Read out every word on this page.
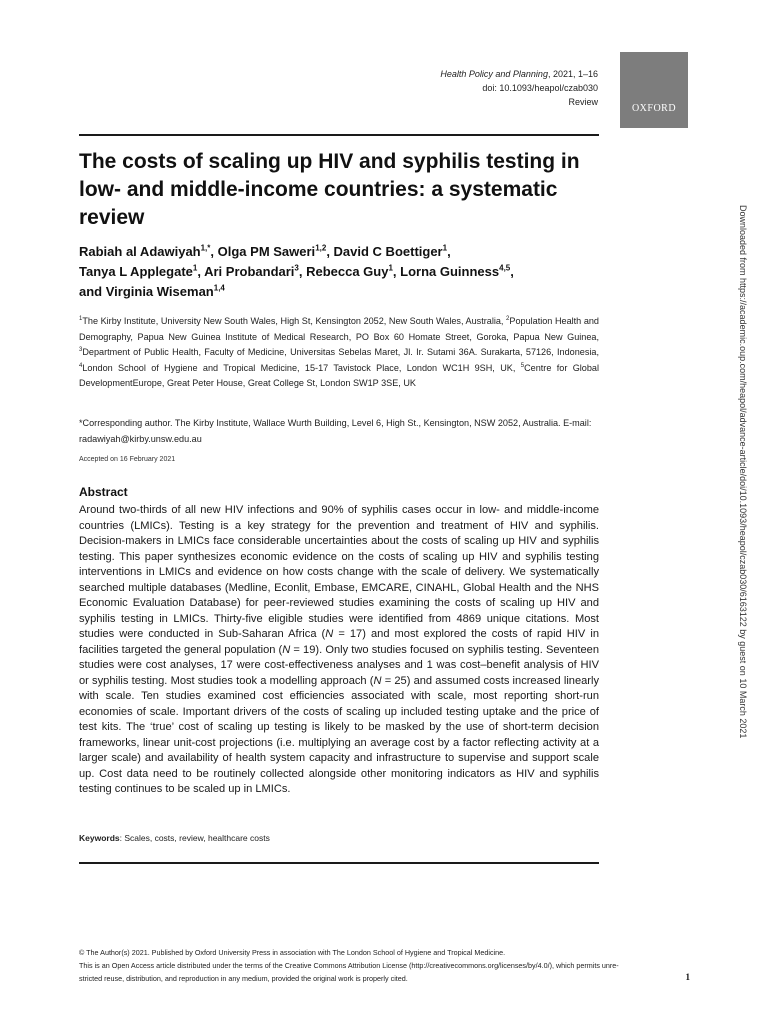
Health Policy and Planning, 2021, 1–16
doi: 10.1093/heapol/czab030
Review
OXFORD
The costs of scaling up HIV and syphilis testing in low- and middle-income countries: a systematic review
Rabiah al Adawiyah$^{1,*}$, Olga PM Saweri$^{1,2}$, David C Boettiger$^1$,
Tanya L Applegate$^1$, Ari Probandari$^3$, Rebecca Guy$^1$, Lorna Guinness$^{4,5}$,
and Virginia Wiseman$^{1,4}$
$^1$The Kirby Institute, University New South Wales, High St, Kensington 2052, New South Wales, Australia, $^2$Population Health and Demography, Papua New Guinea Institute of Medical Research, PO Box 60 Homate Street, Goroka, Papua New Guinea, $^3$Department of Public Health, Faculty of Medicine, Universitas Sebelas Maret, Jl. Ir. Sutami 36A. Surakarta, 57126, Indonesia, $^4$London School of Hygiene and Tropical Medicine, 15-17 Tavistock Place, London WC1H 9SH, UK, $^5$Centre for Global DevelopmentEurope, Great Peter House, Great College St, London SW1P 3SE, UK
*Corresponding author. The Kirby Institute, Wallace Wurth Building, Level 6, High St., Kensington, NSW 2052, Australia. E-mail: radawiyah@kirby.unsw.edu.au
Accepted on 16 February 2021
Abstract

Around two-thirds of all new HIV infections and 90% of syphilis cases occur in low- and middle-income countries (LMICs). Testing is a key strategy for the prevention and treatment of HIV and syphilis. Decision-makers in LMICs face considerable uncertainties about the costs of scaling up HIV and syphilis testing. This paper synthesizes economic evidence on the costs of scaling up HIV and syphilis testing interventions in LMICs and evidence on how costs change with the scale of delivery. We systematically searched multiple databases (Medline, Econlit, Embase, EMCARE, CINAHL, Global Health and the NHS Economic Evaluation Database) for peer-reviewed studies examining the costs of scaling up HIV and syphilis testing in LMICs. Thirty-five eligible studies were identified from 4869 unique citations. Most studies were conducted in Sub-Saharan Africa (N = 17) and most explored the costs of rapid HIV in facilities targeted the general population (N = 19). Only two studies focused on syphilis testing. Seventeen studies were cost analyses, 17 were cost-effectiveness analyses and 1 was cost–benefit analysis of HIV or syphilis testing. Most studies took a modelling approach (N = 25) and assumed costs increased linearly with scale. Ten studies examined cost efficiencies associated with scale, most reporting short-run economies of scale. Important drivers of the costs of scaling up included testing uptake and the price of test kits. The ‘true’ cost of scaling up testing is likely to be masked by the use of short-term decision frameworks, linear unit-cost projections (i.e. multiplying an average cost by a factor reflecting activity at a larger scale) and availability of health system capacity and infrastructure to supervise and support scale up. Cost data need to be routinely collected alongside other monitoring indicators as HIV and syphilis testing continues to be scaled up in LMICs.

Keywords: Scales, costs, review, healthcare costs
© The Author(s) 2021. Published by Oxford University Press in association with The London School of Hygiene and Tropical Medicine.
This is an Open Access article distributed under the terms of the Creative Commons Attribution License (http://creativecommons.org/licenses/by/4.0/), which permits unre-
stricted reuse, distribution, and reproduction in any medium, provided the original work is properly cited.	1
Downloaded from https://academic.oup.com/heapol/advance-article/doi/10.1093/heapol/czab030/6163122 by guest on 10 March 2021
